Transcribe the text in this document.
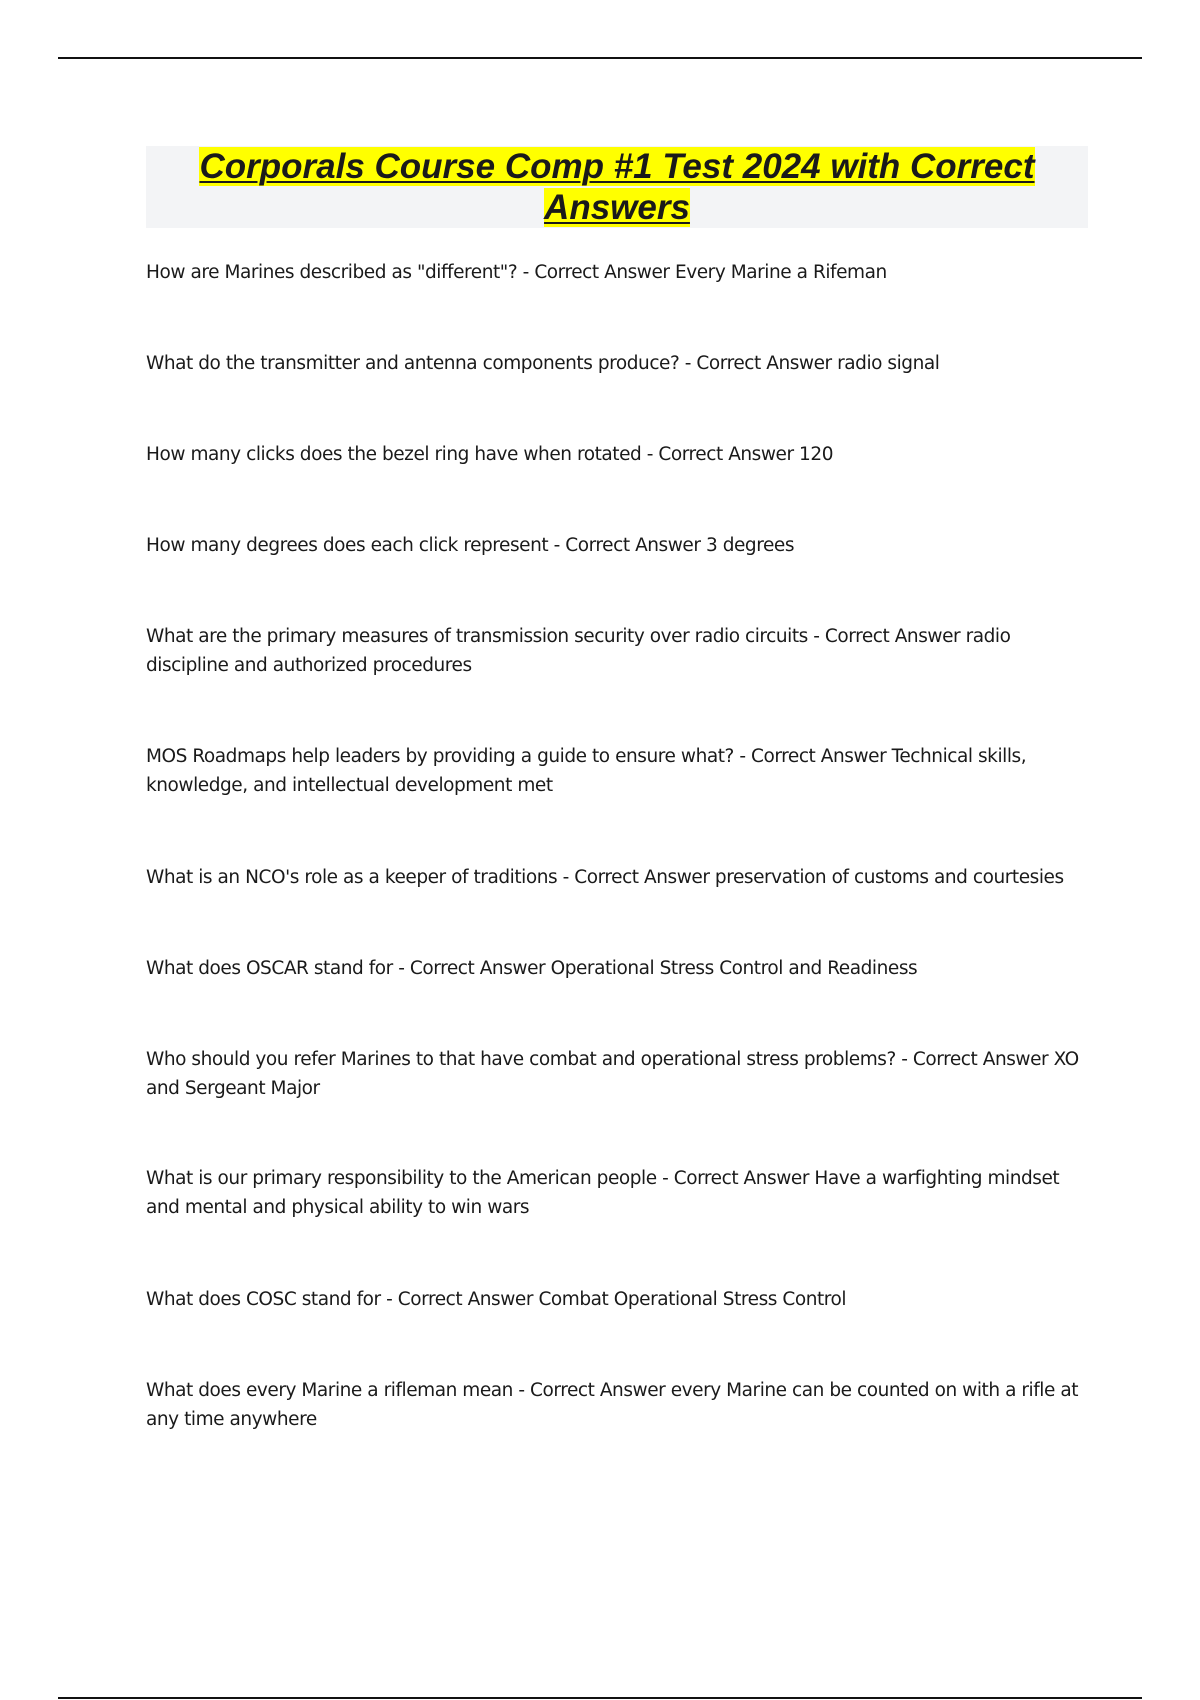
Corporals Course Comp #1 Test 2024 with Correct Answers
How are Marines described as "different"? - Correct Answer Every Marine a Rifeman
What do the transmitter and antenna components produce? - Correct Answer radio signal
How many clicks does the bezel ring have when rotated - Correct Answer 120
How many degrees does each click represent - Correct Answer 3 degrees
What are the primary measures of transmission security over radio circuits - Correct Answer radio discipline and authorized procedures
MOS Roadmaps help leaders by providing a guide to ensure what? - Correct Answer Technical skills, knowledge, and intellectual development met
What is an NCO's role as a keeper of traditions - Correct Answer preservation of customs and courtesies
What does OSCAR stand for - Correct Answer Operational Stress Control and Readiness
Who should you refer Marines to that have combat and operational stress problems? - Correct Answer XO and Sergeant Major
What is our primary responsibility to the American people - Correct Answer Have a warfighting mindset and mental and physical ability to win wars
What does COSC stand for - Correct Answer Combat Operational Stress Control
What does every Marine a rifleman mean - Correct Answer every Marine can be counted on with a rifle at any time anywhere
